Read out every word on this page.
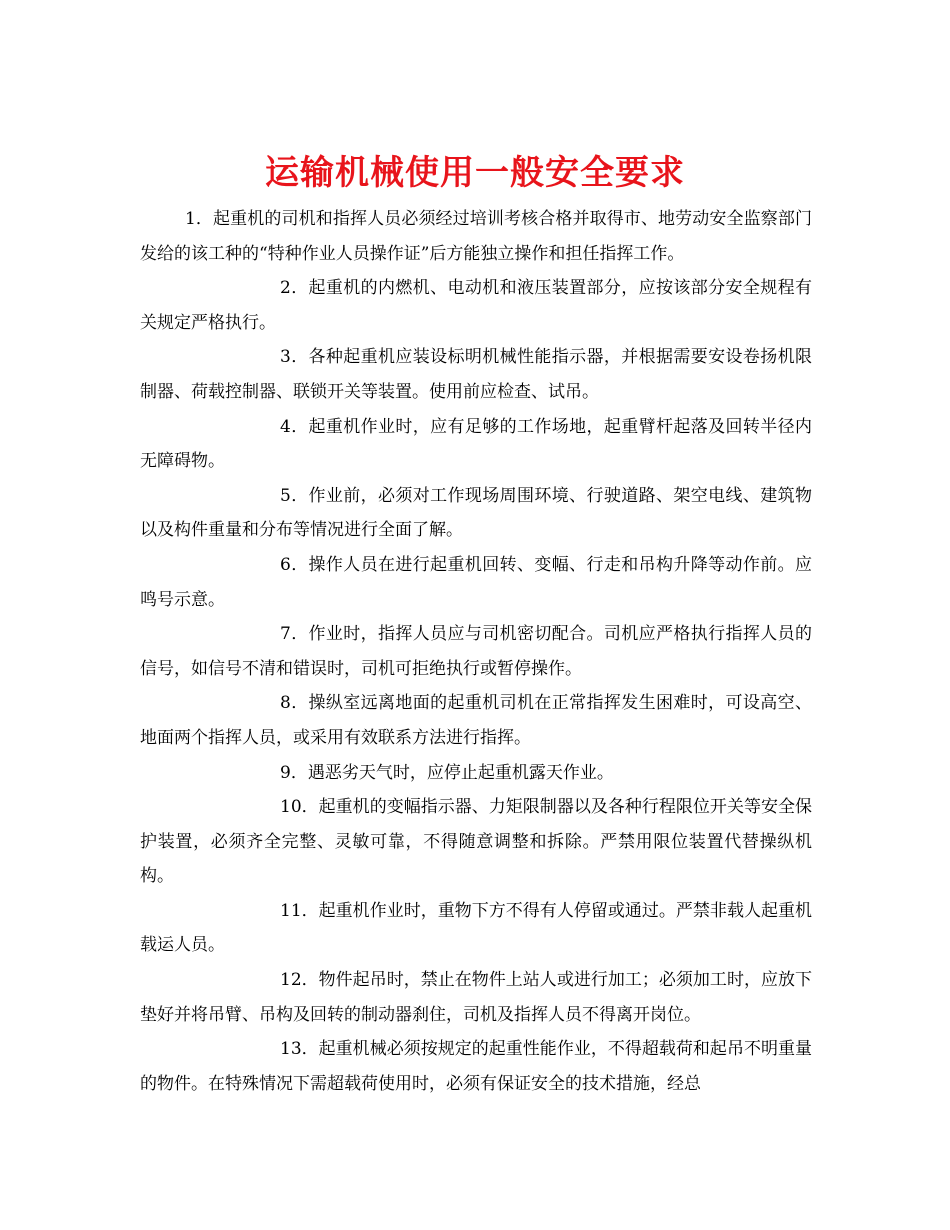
运输机械使用一般安全要求

1．起重机的司机和指挥人员必须经过培训考核合格并取得市、地劳动安全监察部门发给的该工种的“特种作业人员操作证”后方能独立操作和担任指挥工作。

2．起重机的内燃机、电动机和液压装置部分，应按该部分安全规程有关规定严格执行。

3．各种起重机应装设标明机械性能指示器，并根据需要安设卷扬机限制器、荷载控制器、联锁开关等装置。使用前应检查、试吊。

4．起重机作业时，应有足够的工作场地，起重臂杆起落及回转半径内无障碍物。

5．作业前，必须对工作现场周围环境、行驶道路、架空电线、建筑物以及构件重量和分布等情况进行全面了解。

6．操作人员在进行起重机回转、变幅、行走和吊构升降等动作前。应鸣号示意。

7．作业时，指挥人员应与司机密切配合。司机应严格执行指挥人员的信号，如信号不清和错误时，司机可拒绝执行或暂停操作。

8．操纵室远离地面的起重机司机在正常指挥发生困难时，可设高空、地面两个指挥人员，或采用有效联系方法进行指挥。

9．遇恶劣天气时，应停止起重机露天作业。

10．起重机的变幅指示器、力矩限制器以及各种行程限位开关等安全保护装置，必须齐全完整、灵敏可靠，不得随意调整和拆除。严禁用限位装置代替操纵机构。

11．起重机作业时，重物下方不得有人停留或通过。严禁非载人起重机载运人员。

12．物件起吊时，禁止在物件上站人或进行加工；必须加工时，应放下垫好并将吊臂、吊构及回转的制动器刹住，司机及指挥人员不得离开岗位。

13．起重机械必须按规定的起重性能作业，不得超载荷和起吊不明重量的物件。在特殊情况下需超载荷使用时，必须有保证安全的技术措施，经总
